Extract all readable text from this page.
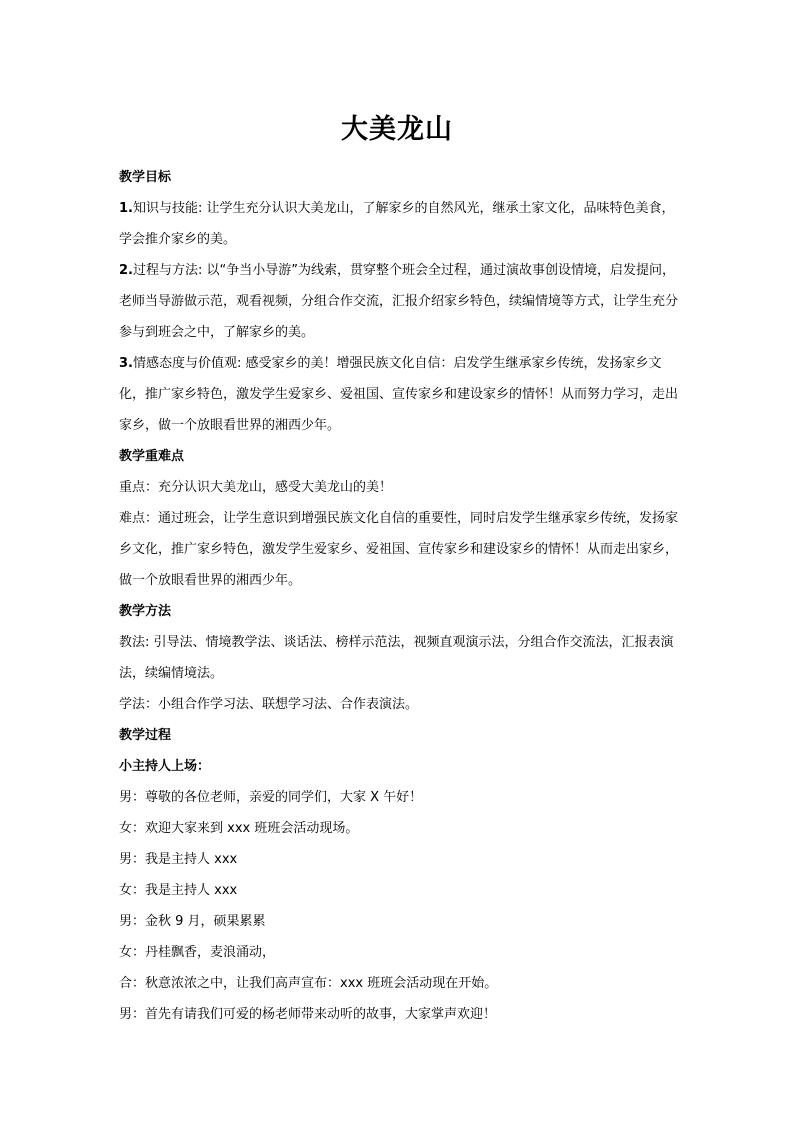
大美龙山

教学目标

1.知识与技能: 让学生充分认识大美龙山，了解家乡的自然风光，继承土家文化，品味特色美食，学会推介家乡的美。

2.过程与方法: 以“争当小导游”为线索，贯穿整个班会全过程，通过演故事创设情境，启发提问，老师当导游做示范，观看视频，分组合作交流，汇报介绍家乡特色，续编情境等方式，让学生充分参与到班会之中，了解家乡的美。

3.情感态度与价值观: 感受家乡的美！增强民族文化自信：启发学生继承家乡传统，发扬家乡文化，推广家乡特色，激发学生爱家乡、爱祖国、宣传家乡和建设家乡的情怀！从而努力学习，走出家乡，做一个放眼看世界的湘西少年。

教学重难点

重点：充分认识大美龙山，感受大美龙山的美！

难点：通过班会，让学生意识到增强民族文化自信的重要性，同时启发学生继承家乡传统，发扬家乡文化，推广家乡特色，激发学生爱家乡、爱祖国、宣传家乡和建设家乡的情怀！从而走出家乡，做一个放眼看世界的湘西少年。

教学方法

教法: 引导法、情境教学法、谈话法、榜样示范法，视频直观演示法，分组合作交流法，汇报表演法，续编情境法。

学法：小组合作学习法、联想学习法、合作表演法。

教学过程

小主持人上场：

男：尊敬的各位老师，亲爱的同学们，大家 X 午好！

女：欢迎大家来到 xxx 班班会活动现场。

男：我是主持人 xxx

女：我是主持人 xxx

男：金秋 9 月，硕果累累

女：丹桂飘香，麦浪涌动，

合：秋意浓浓之中，让我们高声宣布：xxx 班班会活动现在开始。

男：首先有请我们可爱的杨老师带来动听的故事，大家掌声欢迎！
